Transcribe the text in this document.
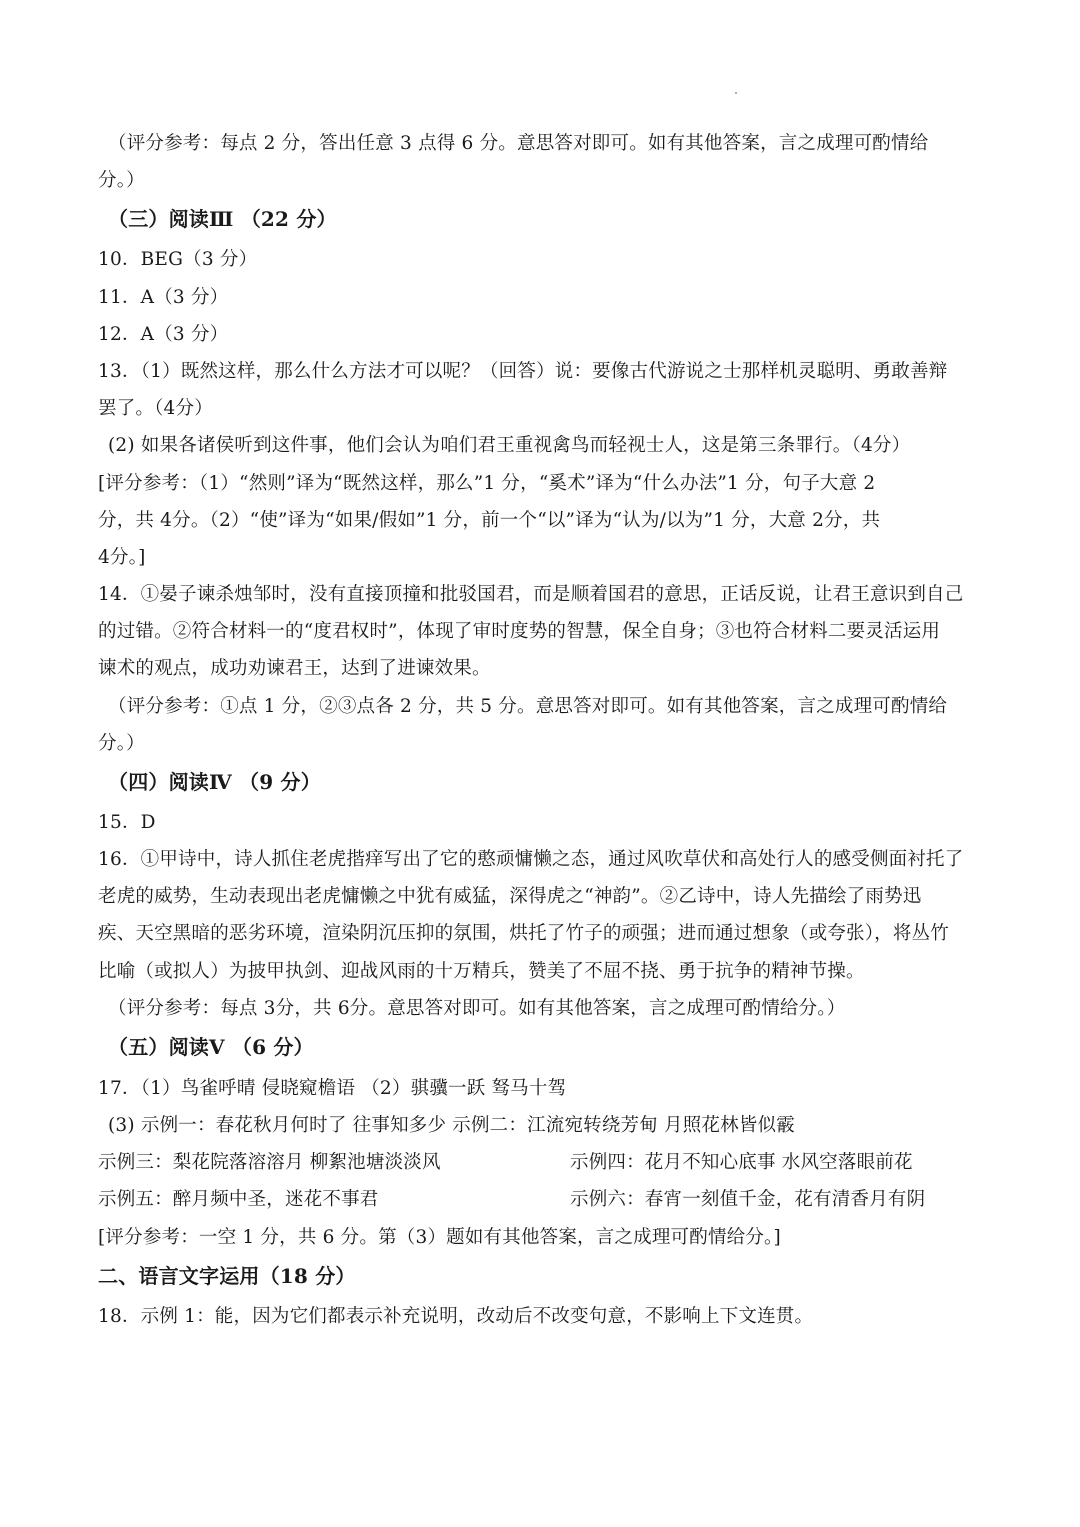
（评分参考：每点 2 分，答出任意 3 点得 6 分。意思答对即可。如有其他答案，言之成理可酌情给
分。）
（三）阅读Ⅲ （22 分）
10．BEG（3 分）
11．A（3 分）
12．A（3 分）
13．（1）既然这样，那么什么方法才可以呢？（回答）说：要像古代游说之士那样机灵聪明、勇敢善辩
罢了。（4分）
(2) 如果各诸侯听到这件事，他们会认为咱们君王重视禽鸟而轻视士人，这是第三条罪行。（4分）
[评分参考：（1）“然则”译为“既然这样，那么”1 分，“奚术”译为“什么办法”1 分，句子大意 2
分，共 4分。（2）“使”译为“如果/假如”1 分，前一个“以”译为“认为/以为”1 分，大意 2分，共
4分。]
14．①晏子谏杀烛邹时，没有直接顶撞和批驳国君，而是顺着国君的意思，正话反说，让君王意识到自己
的过错。②符合材料一的“度君权时”，体现了审时度势的智慧，保全自身；③也符合材料二要灵活运用
谏术的观点，成功劝谏君王，达到了进谏效果。
（评分参考：①点 1 分，②③点各 2 分，共 5 分。意思答对即可。如有其他答案，言之成理可酌情给
分。）
（四）阅读Ⅳ （9 分）
15．D
16．①甲诗中，诗人抓住老虎揩痒写出了它的憨顽慵懒之态，通过风吹草伏和高处行人的感受侧面衬托了
老虎的威势，生动表现出老虎慵懒之中犹有威猛，深得虎之“神韵”。②乙诗中，诗人先描绘了雨势迅
疾、天空黑暗的恶劣环境，渲染阴沉压抑的氛围，烘托了竹子的顽强；进而通过想象（或夸张），将丛竹
比喻（或拟人）为披甲执剑、迎战风雨的十万精兵，赞美了不屈不挠、勇于抗争的精神节操。
（评分参考：每点 3分，共 6分。意思答对即可。如有其他答案，言之成理可酌情给分。）
（五）阅读Ⅴ （6 分）
17．（1）鸟雀呼晴 侵晓窥檐语 （2）骐骥一跃 驽马十驾
(3) 示例一：春花秋月何时了 往事知多少 示例二：江流宛转绕芳甸 月照花林皆似霰
示例三：梨花院落溶溶月 柳絮池塘淡淡风	示例四：花月不知心底事 水风空落眼前花
示例五：醉月频中圣，迷花不事君	示例六：春宵一刻值千金，花有清香月有阴
[评分参考：一空 1 分，共 6 分。第（3）题如有其他答案，言之成理可酌情给分。]
二、语言文字运用（18 分）
18．示例 1：能，因为它们都表示补充说明，改动后不改变句意，不影响上下文连贯。
